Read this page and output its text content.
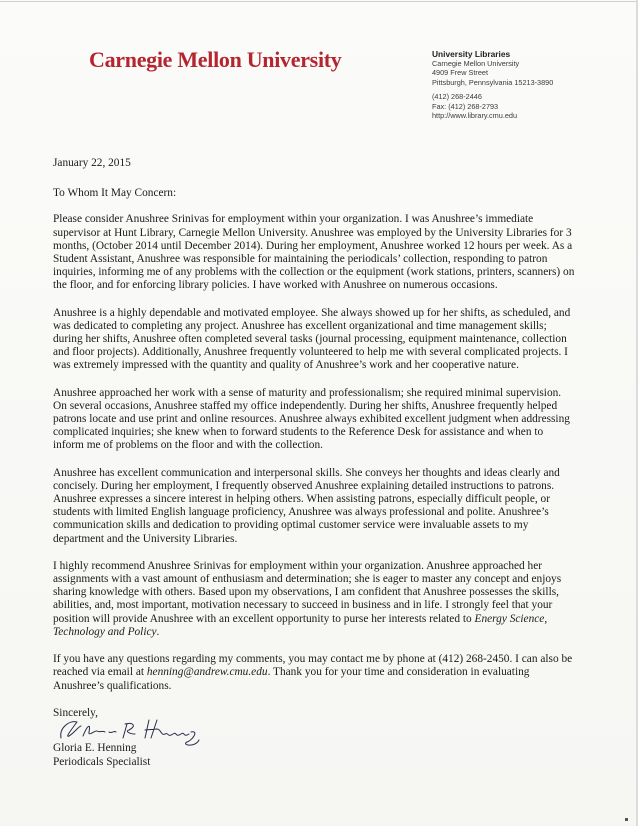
Carnegie Mellon University	University Libraries
Carnegie Mellon University
4909 Frew Street
Pittsburgh, Pennsylvania 15213-3890
(412) 268-2446
Fax: (412) 268-2793
http://www.library.cmu.edu

January 22, 2015

To Whom It May Concern:

Please consider Anushree Srinivas for employment within your organization. I was Anushree’s immediate supervisor at Hunt Library, Carnegie Mellon University. Anushree was employed by the University Libraries for 3 months, (October 2014 until December 2014). During her employment, Anushree worked 12 hours per week. As a Student Assistant, Anushree was responsible for maintaining the periodicals’ collection, responding to patron inquiries, informing me of any problems with the collection or the equipment (work stations, printers, scanners) on the floor, and for enforcing library policies. I have worked with Anushree on numerous occasions.

Anushree is a highly dependable and motivated employee. She always showed up for her shifts, as scheduled, and was dedicated to completing any project. Anushree has excellent organizational and time management skills; during her shifts, Anushree often completed several tasks (journal processing, equipment maintenance, collection and floor projects). Additionally, Anushree frequently volunteered to help me with several complicated projects. I was extremely impressed with the quantity and quality of Anushree’s work and her cooperative nature.

Anushree approached her work with a sense of maturity and professionalism; she required minimal supervision. On several occasions, Anushree staffed my office independently. During her shifts, Anushree frequently helped patrons locate and use print and online resources. Anushree always exhibited excellent judgment when addressing complicated inquiries; she knew when to forward students to the Reference Desk for assistance and when to inform me of problems on the floor and with the collection.

Anushree has excellent communication and interpersonal skills. She conveys her thoughts and ideas clearly and concisely. During her employment, I frequently observed Anushree explaining detailed instructions to patrons. Anushree expresses a sincere interest in helping others. When assisting patrons, especially difficult people, or students with limited English language proficiency, Anushree was always professional and polite. Anushree’s communication skills and dedication to providing optimal customer service were invaluable assets to my department and the University Libraries.

I highly recommend Anushree Srinivas for employment within your organization. Anushree approached her assignments with a vast amount of enthusiasm and determination; she is eager to master any concept and enjoys sharing knowledge with others. Based upon my observations, I am confident that Anushree possesses the skills, abilities, and, most important, motivation necessary to succeed in business and in life. I strongly feel that your position will provide Anushree with an excellent opportunity to purse her interests related to Energy Science, Technology and Policy.

If you have any questions regarding my comments, you may contact me by phone at (412) 268-2450. I can also be reached via email at henning@andrew.cmu.edu. Thank you for your time and consideration in evaluating Anushree’s qualifications.

Sincerely,

Gloria E. Henning
Periodicals Specialist
